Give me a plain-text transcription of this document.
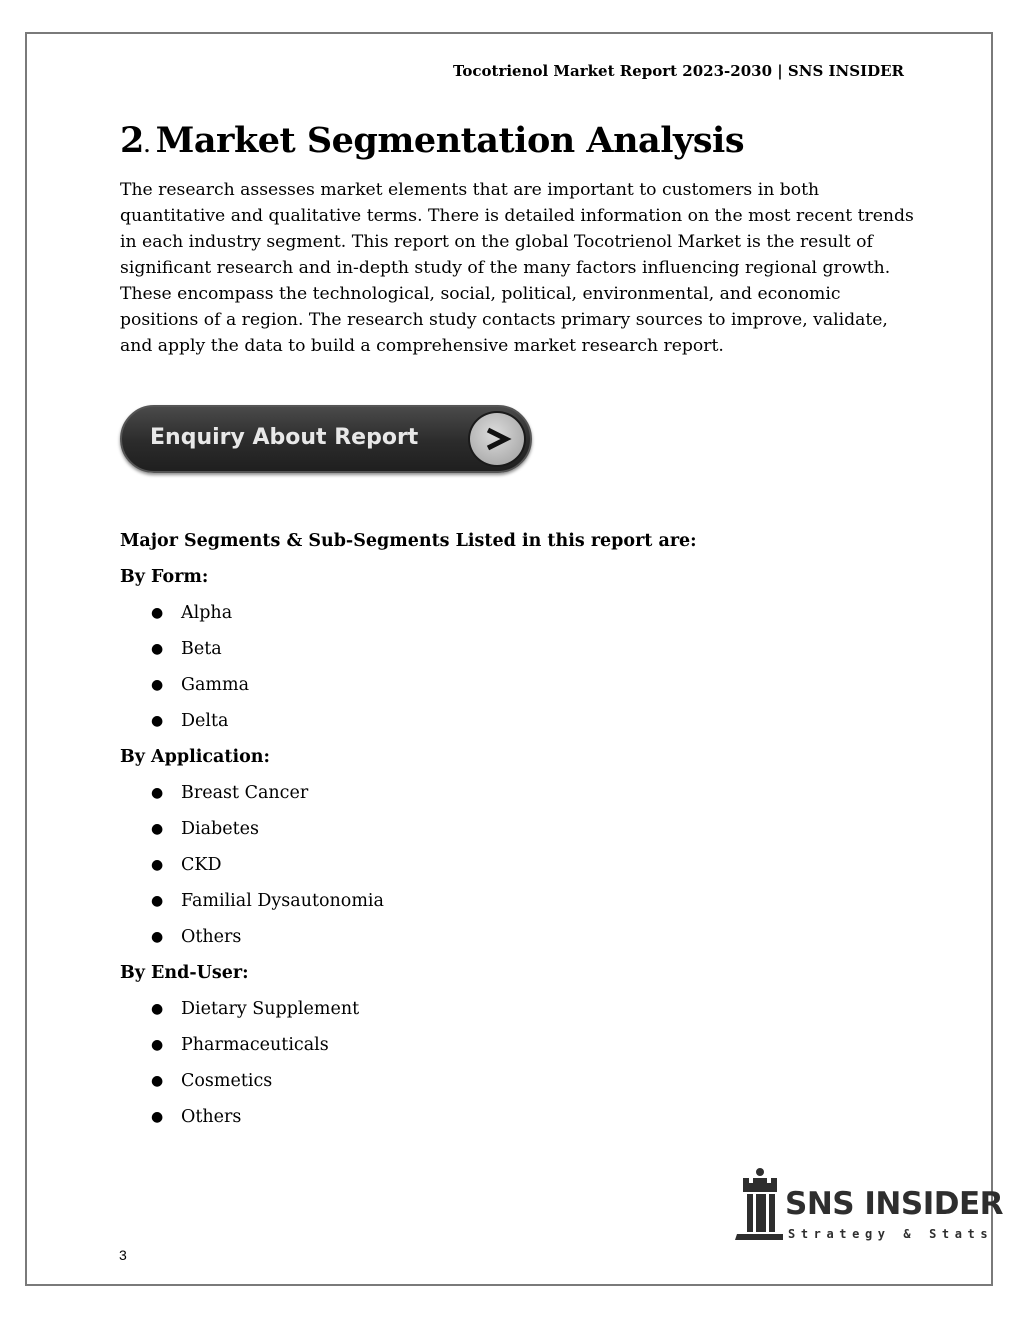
Tocotrienol Market Report 2023-2030 | SNS INSIDER
2. Market Segmentation Analysis

The research assesses market elements that are important to customers in both quantitative and qualitative terms. There is detailed information on the most recent trends in each industry segment. This report on the global Tocotrienol Market is the result of significant research and in-depth study of the many factors influencing regional growth. These encompass the technological, social, political, environmental, and economic positions of a region. The research study contacts primary sources to improve, validate, and apply the data to build a comprehensive market research report.

Enquiry About Report

Major Segments & Sub-Segments Listed in this report are:

By Form:

● Alpha
● Beta
● Gamma
● Delta

By Application:

● Breast Cancer
● Diabetes
● CKD
● Familial Dysautonomia
● Others

By End-User:

● Dietary Supplement
● Pharmaceuticals
● Cosmetics
● Others
SNS INSIDER
Strategy & Stats
3
